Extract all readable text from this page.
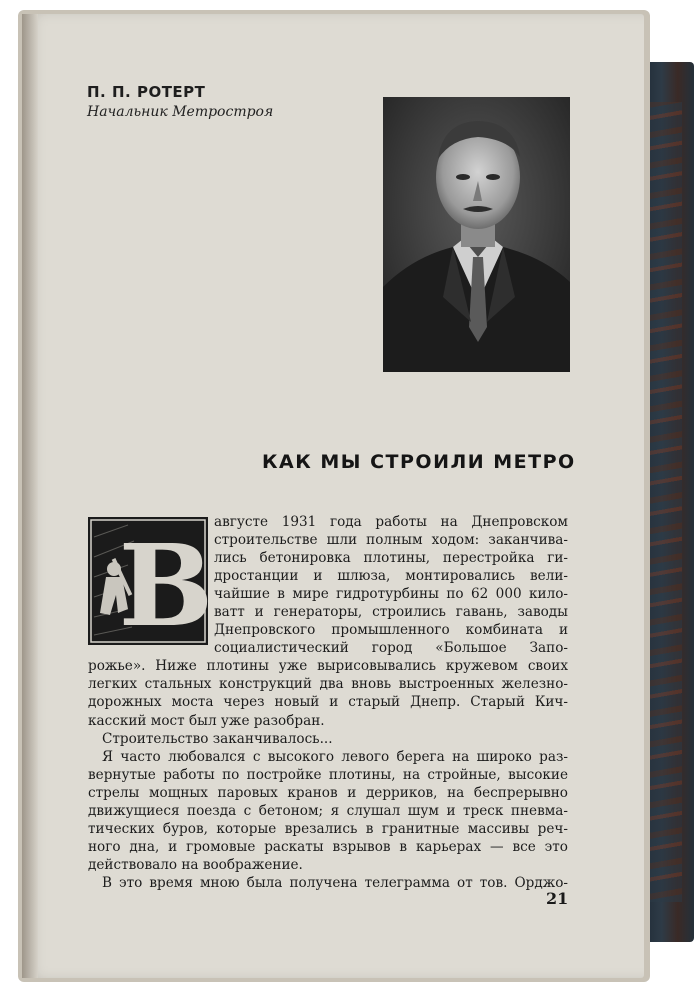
П. П. РОТЕРТ
Начальник Метростроя
КАК МЫ СТРОИЛИ МЕТРО
В августе 1931 года работы на Днепровском
строительстве шли полным ходом: заканчива-
лись бетонировка плотины, перестройка ги-
дростанции и шлюза, монтировались вели-
чайшие в мире гидротурбины по 62 000 кило-
ватт и генераторы, строились гавань, заводы
Днепровского промышленного комбината и
социалистический город «Большое Запо-
рожье». Ниже плотины уже вырисовывались кружевом своих
легких стальных конструкций два вновь выстроенных железно-
дорожных моста через новый и старый Днепр. Старый Кич-
касский мост был уже разобран.
Строительство заканчивалось...
Я часто любовался с высокого левого берега на широко раз-
вернутые работы по постройке плотины, на стройные, высокие
стрелы мощных паровых кранов и дерриков, на беспрерывно
движущиеся поезда с бетоном; я слушал шум и треск пневма-
тических буров, которые врезались в гранитные массивы реч-
ного дна, и громовые раскаты взрывов в карьерах — все это
действовало на воображение.
В это время мною была получена телеграмма от тов. Орджо-
21
